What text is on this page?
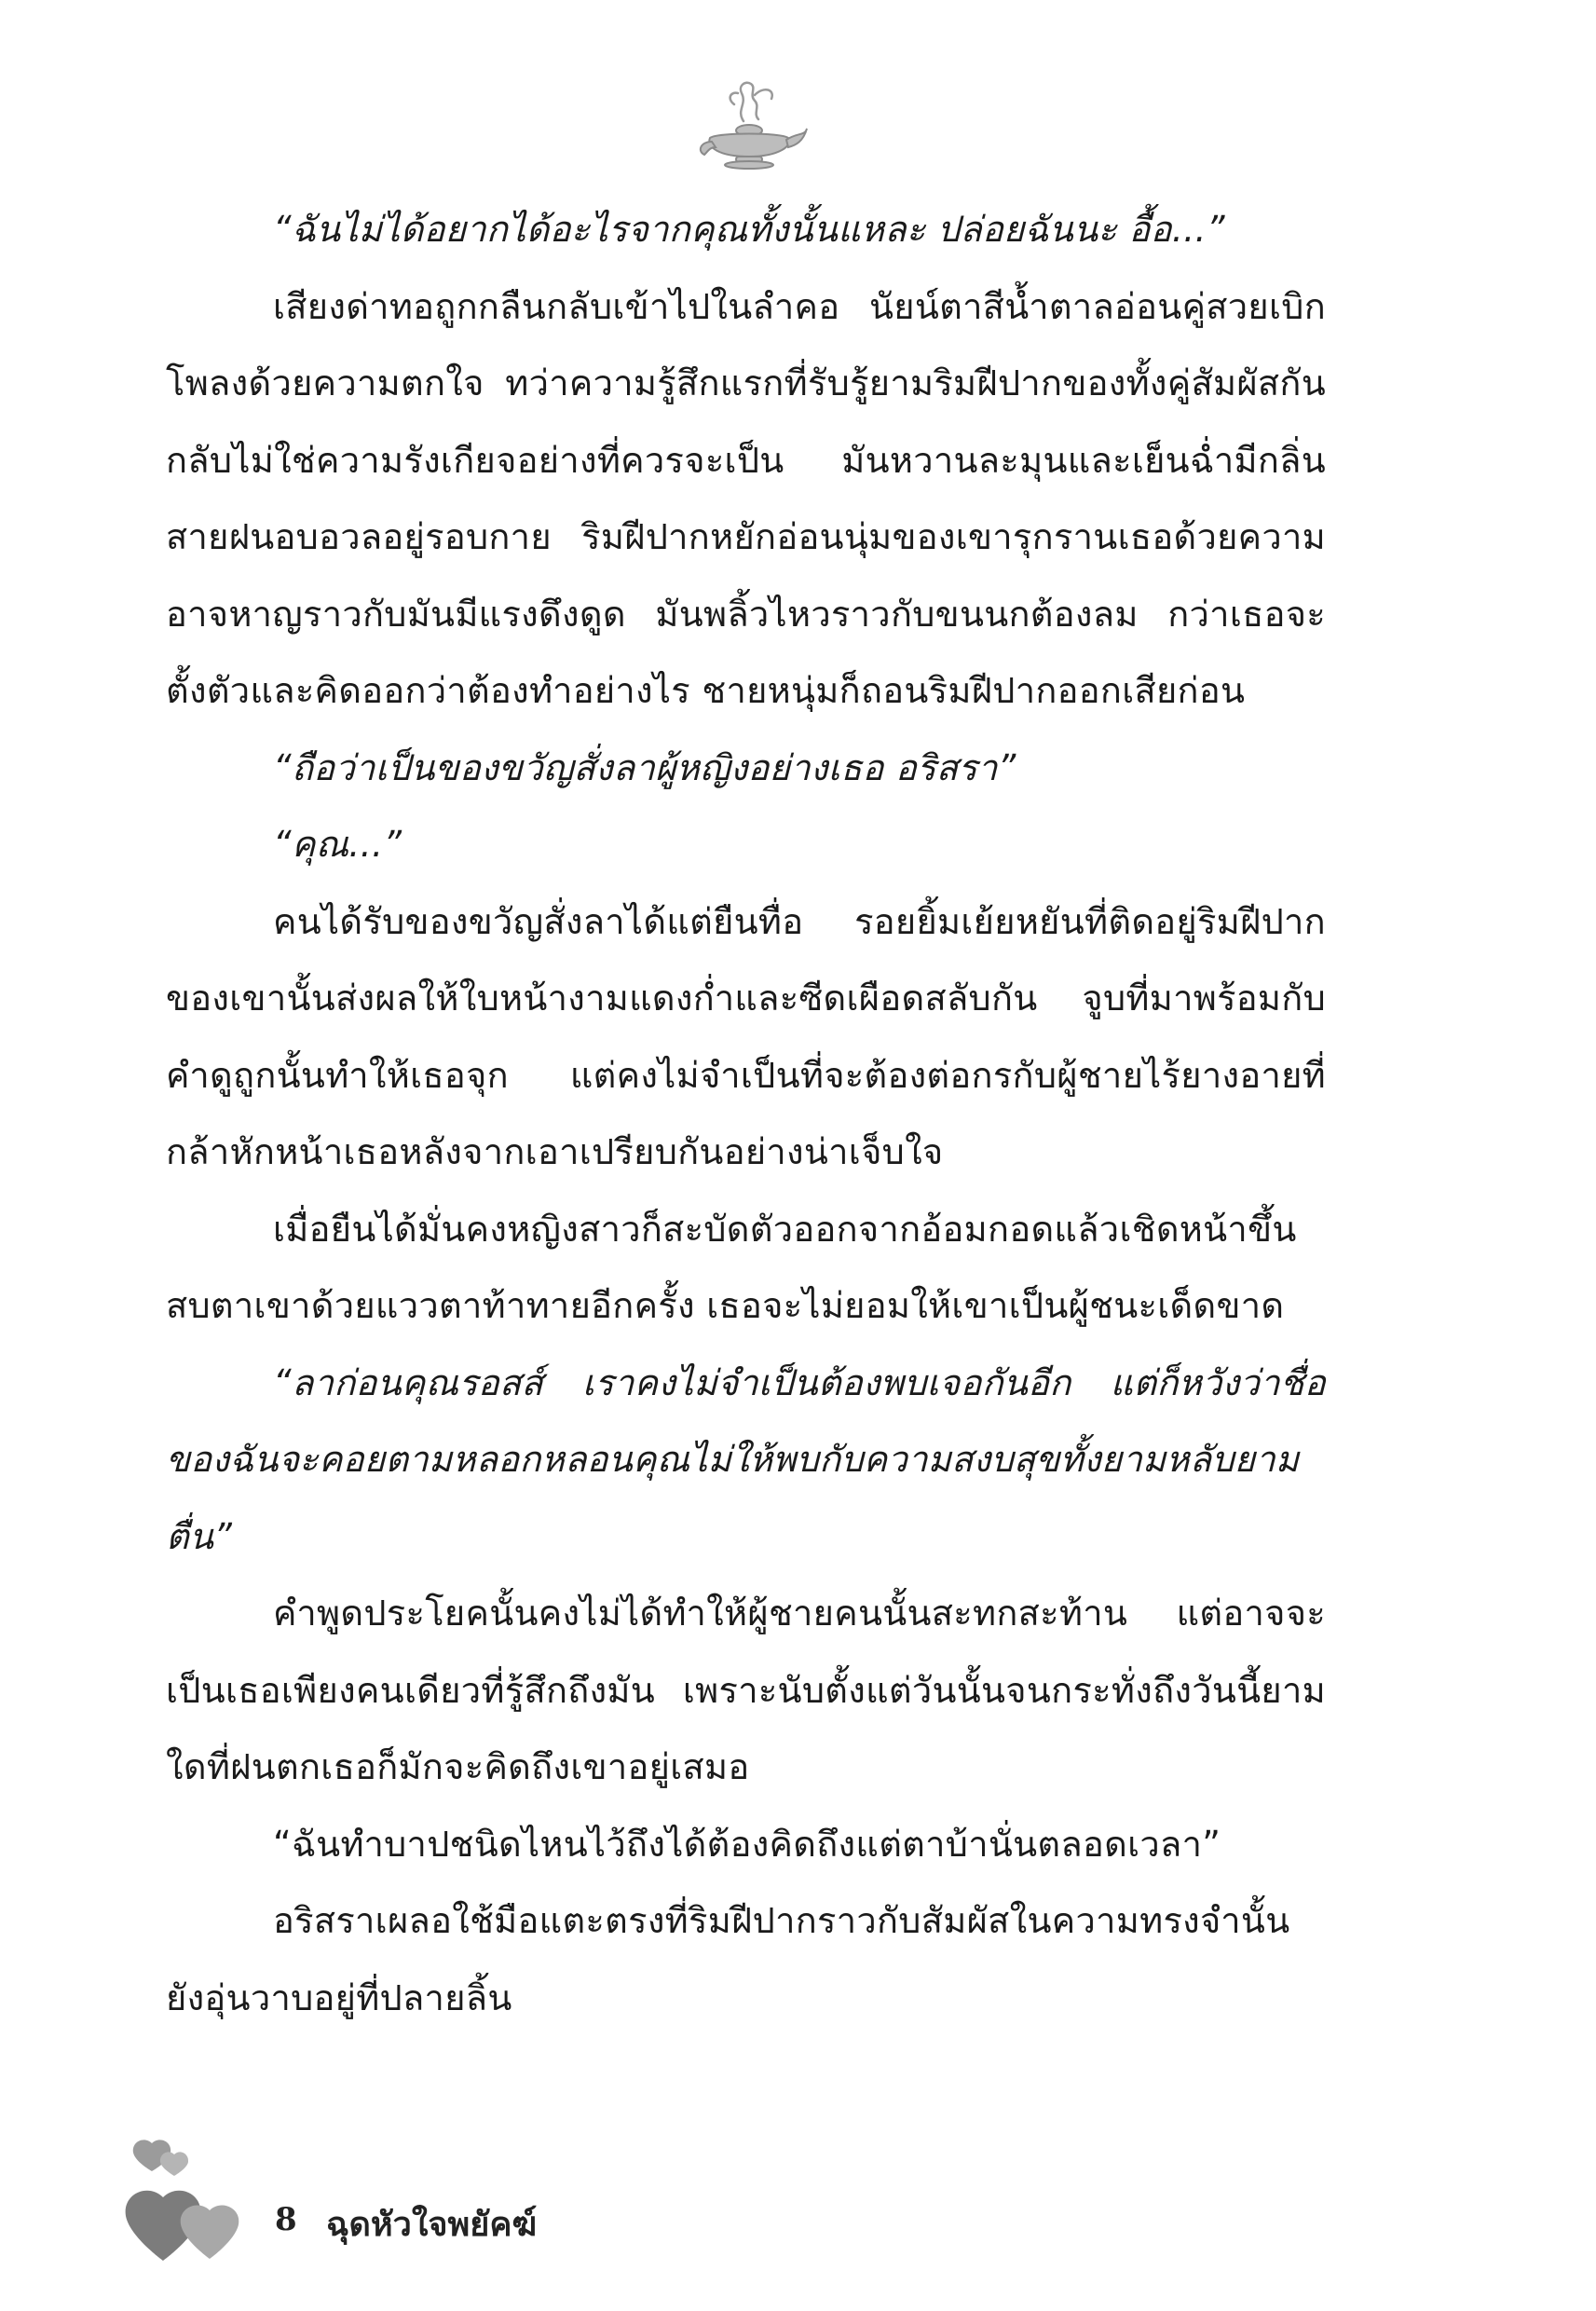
“ฉันไม่ได้อยากได้อะไรจากคุณทั้งนั้นแหละ ปล่อยฉันนะ อื้อ...”

เสียงด่าทอถูกกลืนกลับเข้าไปในลำคอ นัยน์ตาสีน้ำตาลอ่อนคู่สวยเบิกโพลงด้วยความตกใจ ทว่าความรู้สึกแรกที่รับรู้ยามริมฝีปากของทั้งคู่สัมผัสกันกลับไม่ใช่ความรังเกียจอย่างที่ควรจะเป็น มันหวานละมุนและเย็นฉ่ำมีกลิ่นสายฝนอบอวลอยู่รอบกาย ริมฝีปากหยักอ่อนนุ่มของเขารุกรานเธอด้วยความอาจหาญราวกับมันมีแรงดึงดูด มันพลิ้วไหวราวกับขนนกต้องลม กว่าเธอจะตั้งตัวและคิดออกว่าต้องทำอย่างไร ชายหนุ่มก็ถอนริมฝีปากออกเสียก่อน

“ถือว่าเป็นของขวัญสั่งลาผู้หญิงอย่างเธอ อริสรา”

“คุณ...”

คนได้รับของขวัญสั่งลาได้แต่ยืนทื่อ รอยยิ้มเย้ยหยันที่ติดอยู่ริมฝีปากของเขานั้นส่งผลให้ใบหน้างามแดงก่ำและซีดเผือดสลับกัน จูบที่มาพร้อมกับคำดูถูกนั้นทำให้เธอจุก แต่คงไม่จำเป็นที่จะต้องต่อกรกับผู้ชายไร้ยางอายที่กล้าหักหน้าเธอหลังจากเอาเปรียบกันอย่างน่าเจ็บใจ

เมื่อยืนได้มั่นคงหญิงสาวก็สะบัดตัวออกจากอ้อมกอดแล้วเชิดหน้าขึ้นสบตาเขาด้วยแววตาท้าทายอีกครั้ง เธอจะไม่ยอมให้เขาเป็นผู้ชนะเด็ดขาด

“ลาก่อนคุณรอสส์ เราคงไม่จำเป็นต้องพบเจอกันอีก แต่ก็หวังว่าชื่อของฉันจะคอยตามหลอกหลอนคุณไม่ให้พบกับความสงบสุขทั้งยามหลับยามตื่น”

คำพูดประโยคนั้นคงไม่ได้ทำให้ผู้ชายคนนั้นสะทกสะท้าน แต่อาจจะเป็นเธอเพียงคนเดียวที่รู้สึกถึงมัน เพราะนับตั้งแต่วันนั้นจนกระทั่งถึงวันนี้ยามใดที่ฝนตกเธอก็มักจะคิดถึงเขาอยู่เสมอ

“ฉันทำบาปชนิดไหนไว้ถึงได้ต้องคิดถึงแต่ตาบ้านั่นตลอดเวลา”

อริสราเผลอใช้มือแตะตรงที่ริมฝีปากราวกับสัมผัสในความทรงจำนั้นยังอุ่นวาบอยู่ที่ปลายลิ้น

8 ฉุดหัวใจพยัคฆ์
